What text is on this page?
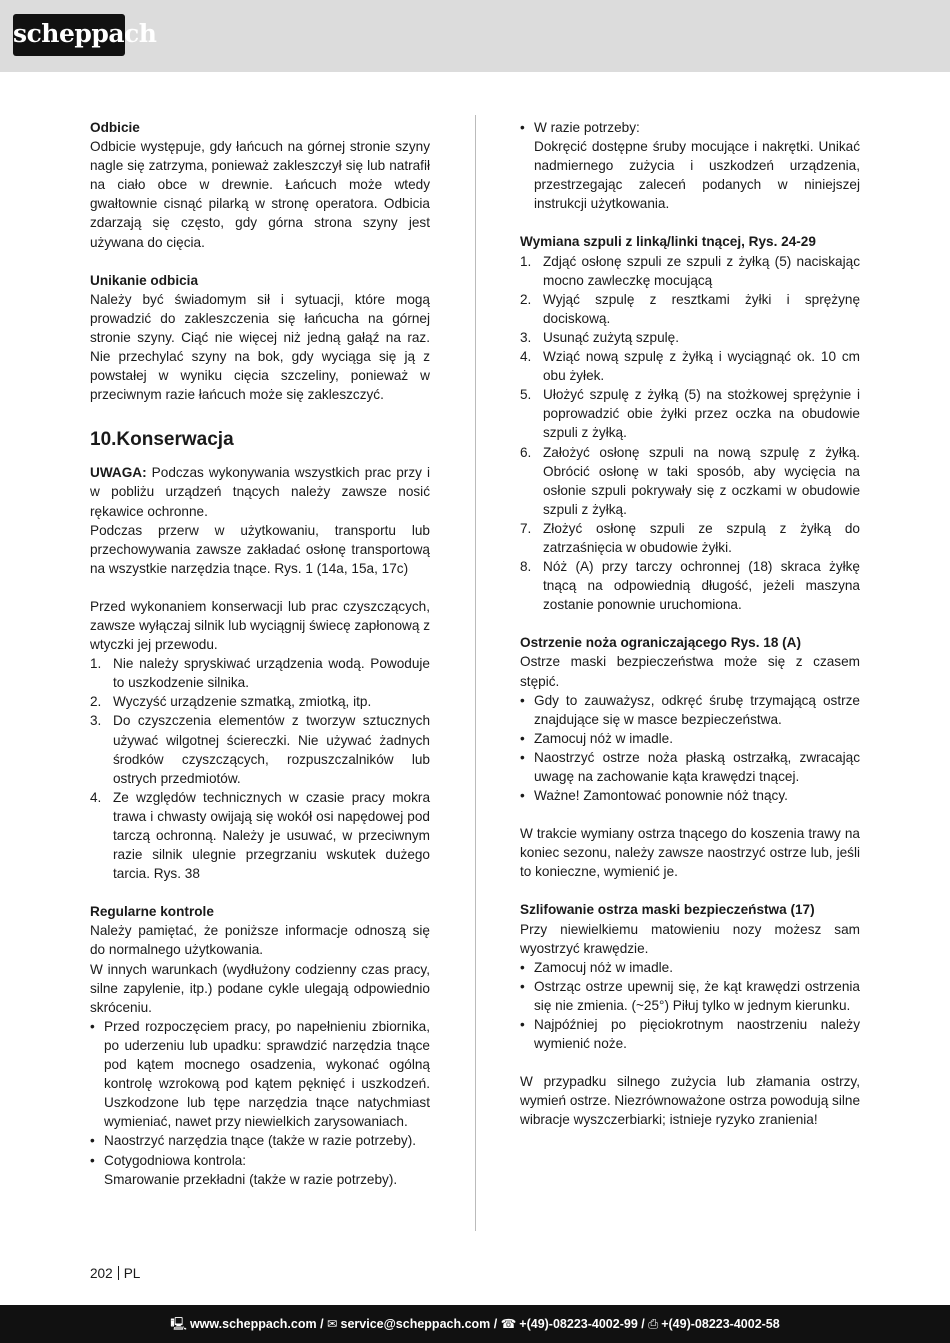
scheppach
Odbicie

Odbicie występuje, gdy łańcuch na górnej stronie szyny nagle się zatrzyma, ponieważ zakleszczył się lub natrafił na ciało obce w drewnie. Łańcuch może wtedy gwałtownie cisnąć pilarką w stronę operatora. Odbicia zdarzają się często, gdy górna strona szyny jest używana do cięcia.

Unikanie odbicia

Należy być świadomym sił i sytuacji, które mogą prowadzić do zakleszczenia się łańcucha na górnej stronie szyny. Ciąć nie więcej niż jedną gałąź na raz. Nie przechylać szyny na bok, gdy wyciąga się ją z powstałej w wyniku cięcia szczeliny, ponieważ w przeciwnym razie łańcuch może się zakleszczyć.

10.Konserwacja

UWAGA: Podczas wykonywania wszystkich prac przy i w pobliżu urządzeń tnących należy zawsze nosić rękawice ochronne.

Podczas przerw w użytkowaniu, transportu lub przechowywania zawsze zakładać osłonę transportową na wszystkie narzędzia tnące. Rys. 1 (14a, 15a, 17c)

Przed wykonaniem konserwacji lub prac czyszczących, zawsze wyłączaj silnik lub wyciągnij świecę zapłonową z wtyczki jej przewodu.

1. Nie należy spryskiwać urządzenia wodą. Powoduje to uszkodzenie silnika.
2. Wyczyść urządzenie szmatką, zmiotką, itp.
3. Do czyszczenia elementów z tworzyw sztucznych używać wilgotnej ściereczki. Nie używać żadnych środków czyszczących, rozpuszczalników lub ostrych przedmiotów.
4. Ze względów technicznych w czasie pracy mokra trawa i chwasty owijają się wokół osi napędowej pod tarczą ochronną. Należy je usuwać, w przeciwnym razie silnik ulegnie przegrzaniu wskutek dużego tarcia. Rys. 38
Regularne kontrole

Należy pamiętać, że poniższe informacje odnoszą się do normalnego użytkowania.

W innych warunkach (wydłużony codzienny czas pracy, silne zapylenie, itp.) podane cykle ulegają odpowiednio skróceniu.

• Przed rozpoczęciem pracy, po napełnieniu zbiornika, po uderzeniu lub upadku: sprawdzić narzędzia tnące pod kątem mocnego osadzenia, wykonać ogólną kontrolę wzrokową pod kątem pęknięć i uszkodzeń. Uszkodzone lub tępe narzędzia tnące natychmiast wymieniać, nawet przy niewielkich zarysowaniach.
• Naostrzyć narzędzia tnące (także w razie potrzeby).
• Cotygodniowa kontrola:
Smarowanie przekładni (także w razie potrzeby).
• W razie potrzeby:
Dokręcić dostępne śruby mocujące i nakrętki. Unikać nadmiernego zużycia i uszkodzeń urządzenia, przestrzegając zaleceń podanych w niniejszej instrukcji użytkowania.
Wymiana szpuli z linką/linki tnącej, Rys. 24-29
1. Zdjąć osłonę szpuli ze szpuli z żyłką (5) naciskając mocno zawleczkę mocującą
2. Wyjąć szpulę z resztkami żyłki i sprężynę dociskową.
3. Usunąć zużytą szpulę.
4. Wziąć nową szpulę z żyłką i wyciągnąć ok. 10 cm obu żyłek.
5. Ułożyć szpulę z żyłką (5) na stożkowej sprężynie i poprowadzić obie żyłki przez oczka na obudowie szpuli z żyłką.
6. Założyć osłonę szpuli na nową szpulę z żyłką. Obrócić osłonę w taki sposób, aby wycięcia na osłonie szpuli pokrywały się z oczkami w obudowie szpuli z żyłką.
7. Złożyć osłonę szpuli ze szpulą z żyłką do zatrzaśnięcia w obudowie żyłki.
8. Nóż (A) przy tarczy ochronnej (18) skraca żyłkę tnącą na odpowiednią długość, jeżeli maszyna zostanie ponownie uruchomiona.
Ostrzenie noża ograniczającego Rys. 18 (A)

Ostrze maski bezpieczeństwa może się z czasem stępić.

• Gdy to zauważysz, odkręć śrubę trzymającą ostrze znajdujące się w masce bezpieczeństwa.
• Zamocuj nóż w imadle.
• Naostrzyć ostrze noża płaską ostrzałką, zwracając uwagę na zachowanie kąta krawędzi tnącej.
• Ważne! Zamontować ponownie nóż tnący.

W trakcie wymiany ostrza tnącego do koszenia trawy na koniec sezonu, należy zawsze naostrzyć ostrze lub, jeśli to konieczne, wymienić je.

Szlifowanie ostrza maski bezpieczeństwa (17)

Przy niewielkiemu matowieniu nozy możesz sam wyostrzyć krawędzie.

• Zamocuj nóż w imadle.
• Ostrząc ostrze upewnij się, że kąt krawędzi ostrzenia się nie zmienia. (~25°) Piłuj tylko w jednym kierunku.
• Najpóźniej po pięciokrotnym naostrzeniu należy wymienić noże.

W przypadku silnego zużycia lub złamania ostrzy, wymień ostrze. Niezrównoważone ostrza powodują silne wibracje wyszczerbiarki; istnieje ryzyko zranienia!

202 PL
🖳 www.scheppach.com / ✉ service@scheppach.com / ☎ +(49)-08223-4002-99 / ⎙ +(49)-08223-4002-58
